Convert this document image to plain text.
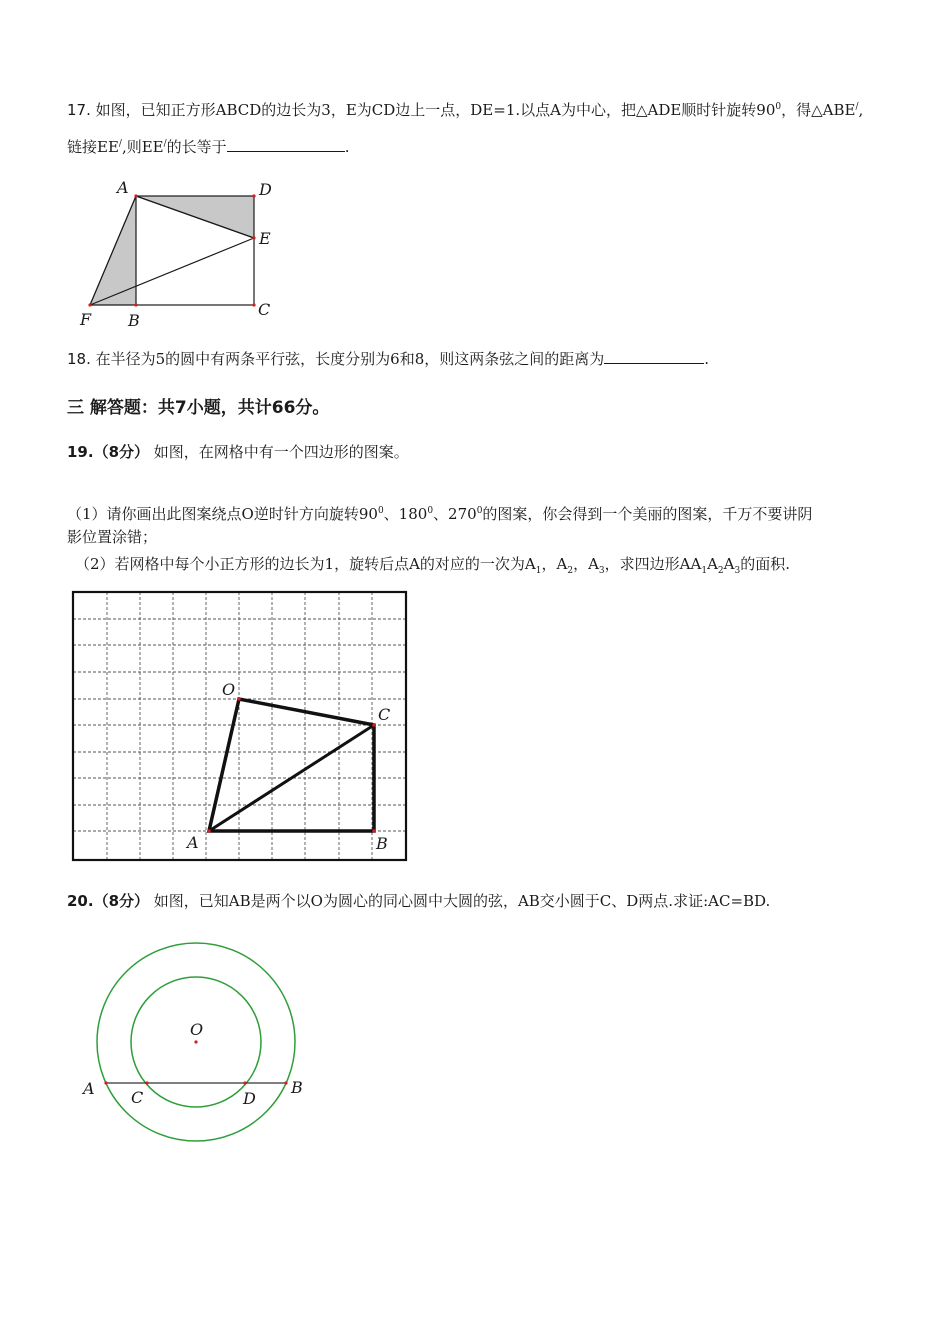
17. 如图，已知正方形ABCD的边长为3，E为CD边上一点，DE=1.以点A为中心，把△ADE顺时针旋转$90^0$，得△ABE/,
链接EE/,则EE/的长等于	.
A	D
E
C
B
F
18. 在半径为5的圆中有两条平行弦，长度分别为6和8，则这两条弦之间的距离为	.
三 解答题：共7小题，共计66分。
19.（8分） 如图，在网格中有一个四边形的图案。
（1）请你画出此图案绕点O逆时针方向旋转$90^0$、$180^0$、$270^0$的图案，你会得到一个美丽的图案，千万不要讲阴
影位置涂错；
（2）若网格中每个小正方形的边长为1，旋转后点A的对应的一次为$A_1$，$A_2$，$A_3$，求四边形$AA_1A_2A_3$的面积.
O
C
A	B
20.（8分） 如图，已知AB是两个以O为圆心的同心圆中大圆的弦，AB交小圆于C、D两点.求证:AC=BD.
O
A C	D
B
